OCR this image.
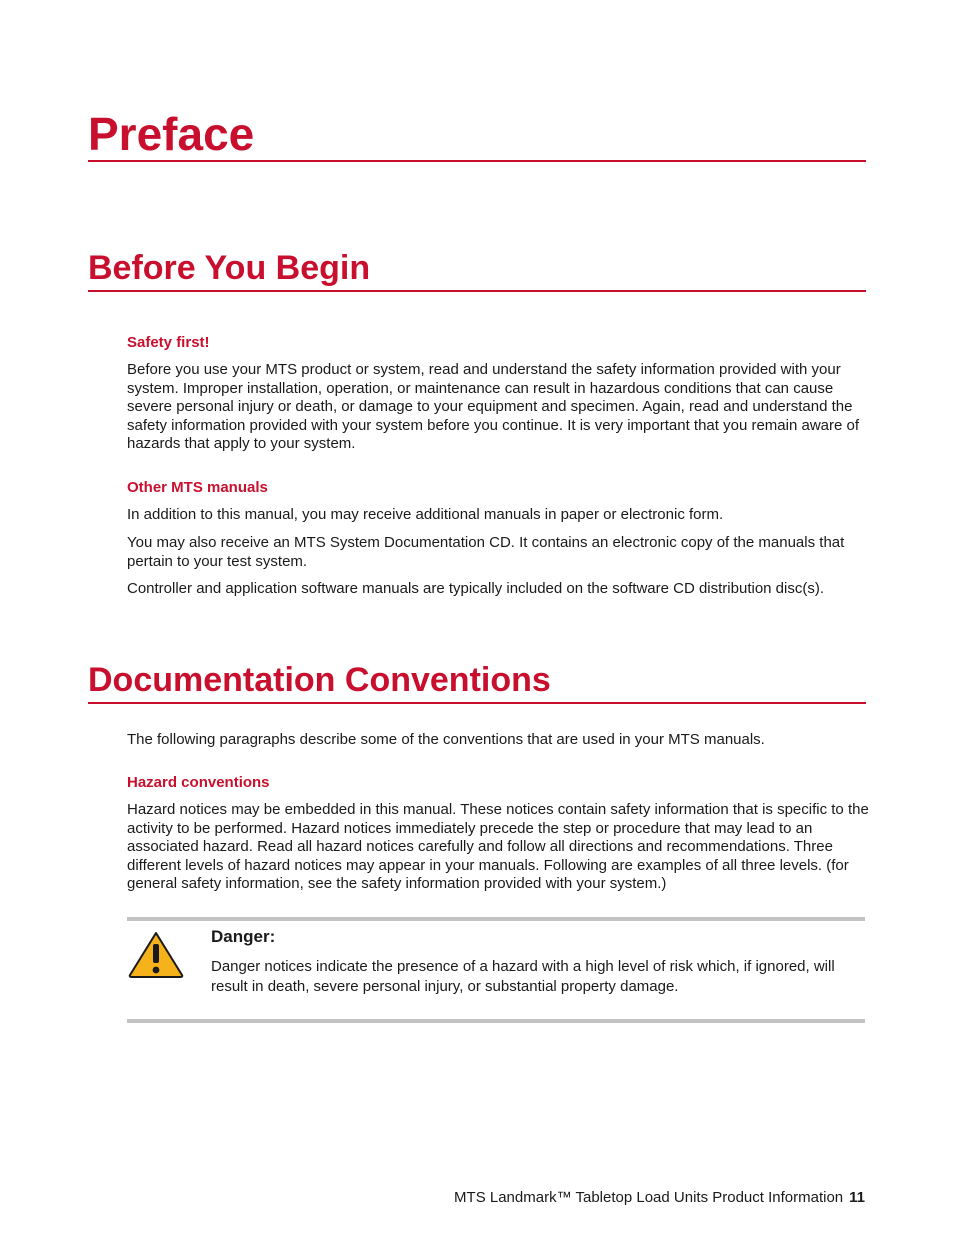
Preface
Before You Begin
Safety first!

Before you use your MTS product or system, read and understand the safety information provided with your system. Improper installation, operation, or maintenance can result in hazardous conditions that can cause severe personal injury or death, or damage to your equipment and specimen. Again, read and understand the safety information provided with your system before you continue. It is very important that you remain aware of hazards that apply to your system.

Other MTS manuals

In addition to this manual, you may receive additional manuals in paper or electronic form.

You may also receive an MTS System Documentation CD. It contains an electronic copy of the manuals that pertain to your test system.

Controller and application software manuals are typically included on the software CD distribution disc(s).

Documentation Conventions

The following paragraphs describe some of the conventions that are used in your MTS manuals.

Hazard conventions

Hazard notices may be embedded in this manual. These notices contain safety information that is specific to the activity to be performed. Hazard notices immediately precede the step or procedure that may lead to an associated hazard. Read all hazard notices carefully and follow all directions and recommendations. Three different levels of hazard notices may appear in your manuals. Following are examples of all three levels. (for general safety information, see the safety information provided with your system.)

Danger:

Danger notices indicate the presence of a hazard with a high level of risk which, if ignored, will result in death, severe personal injury, or substantial property damage.

MTS Landmark™ Tabletop Load Units Product Information 11
